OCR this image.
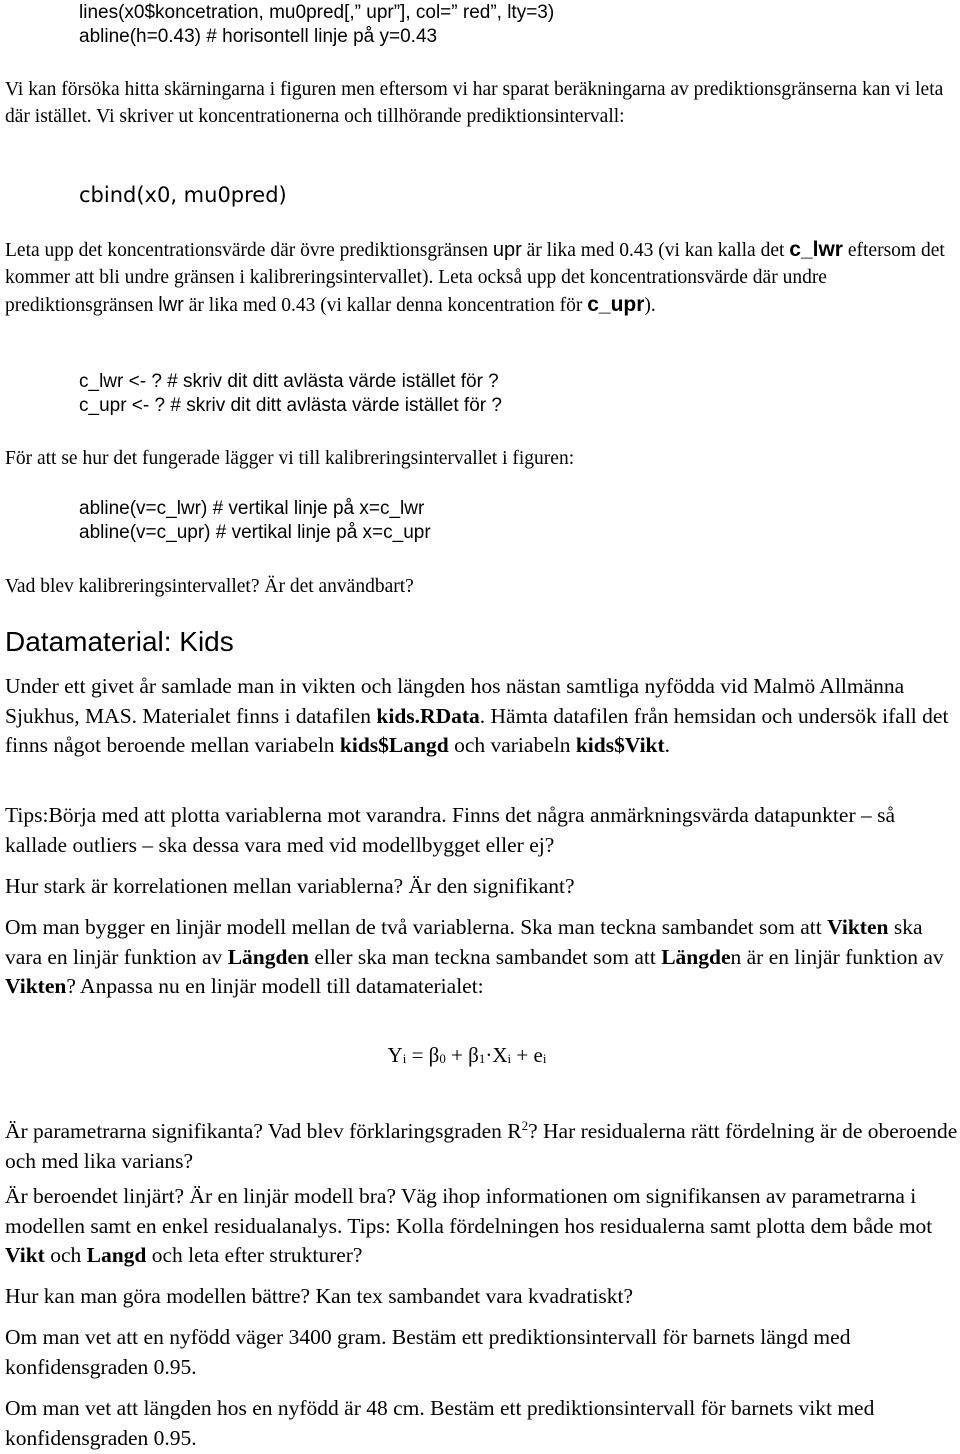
lines(x0$koncetration, mu0pred[,” upr”], col=” red”, lty=3)
abline(h=0.43) # horisontell linje på y=0.43
Vi kan försöka hitta skärningarna i figuren men eftersom vi har sparat beräkningarna av prediktionsgränserna kan vi leta där istället. Vi skriver ut koncentrationerna och tillhörande prediktionsintervall:
cbind(x0, mu0pred)
Leta upp det koncentrationsvärde där övre prediktionsgränsen upr är lika med 0.43 (vi kan kalla det c_lwr eftersom det kommer att bli undre gränsen i kalibreringsintervallet). Leta också upp det koncentrationsvärde där undre prediktionsgränsen lwr är lika med 0.43 (vi kallar denna koncentration för c_upr).
c_lwr <- ? # skriv dit ditt avlästa värde istället för ?
c_upr <- ? # skriv dit ditt avlästa värde istället för ?
För att se hur det fungerade lägger vi till kalibreringsintervallet i figuren:
abline(v=c_lwr) # vertikal linje på x=c_lwr
abline(v=c_upr) # vertikal linje på x=c_upr
Vad blev kalibreringsintervallet? Är det användbart?
Datamaterial: Kids
Under ett givet år samlade man in vikten och längden hos nästan samtliga nyfödda vid Malmö Allmänna Sjukhus, MAS. Materialet finns i datafilen kids.RData. Hämta datafilen från hemsidan och undersök ifall det finns något beroende mellan variabeln kids$Langd och variabeln kids$Vikt.
Tips:Börja med att plotta variablerna mot varandra. Finns det några anmärkningsvärda datapunkter – så kallade outliers – ska dessa vara med vid modellbygget eller ej?
Hur stark är korrelationen mellan variablerna? Är den signifikant?
Om man bygger en linjär modell mellan de två variablerna. Ska man teckna sambandet som att Vikten ska vara en linjär funktion av Längden eller ska man teckna sambandet som att Längden är en linjär funktion av Vikten? Anpassa nu en linjär modell till datamaterialet:
$Y_i = \beta_0 + \beta_1\cdot X_i + e_i$
Är parametrarna signifikanta? Vad blev förklaringsgraden $R^2$? Har residualerna rätt fördelning är de oberoende och med lika varians?
Är beroendet linjärt? Är en linjär modell bra? Väg ihop informationen om signifikansen av parametrarna i modellen samt en enkel residualanalys. Tips: Kolla fördelningen hos residualerna samt plotta dem både mot Vikt och Langd och leta efter strukturer?
Hur kan man göra modellen bättre? Kan tex sambandet vara kvadratiskt?
Om man vet att en nyfödd väger 3400 gram. Bestäm ett prediktionsintervall för barnets längd med konfidensgraden 0.95.
Om man vet att längden hos en nyfödd är 48 cm. Bestäm ett prediktionsintervall för barnets vikt med konfidensgraden 0.95.
